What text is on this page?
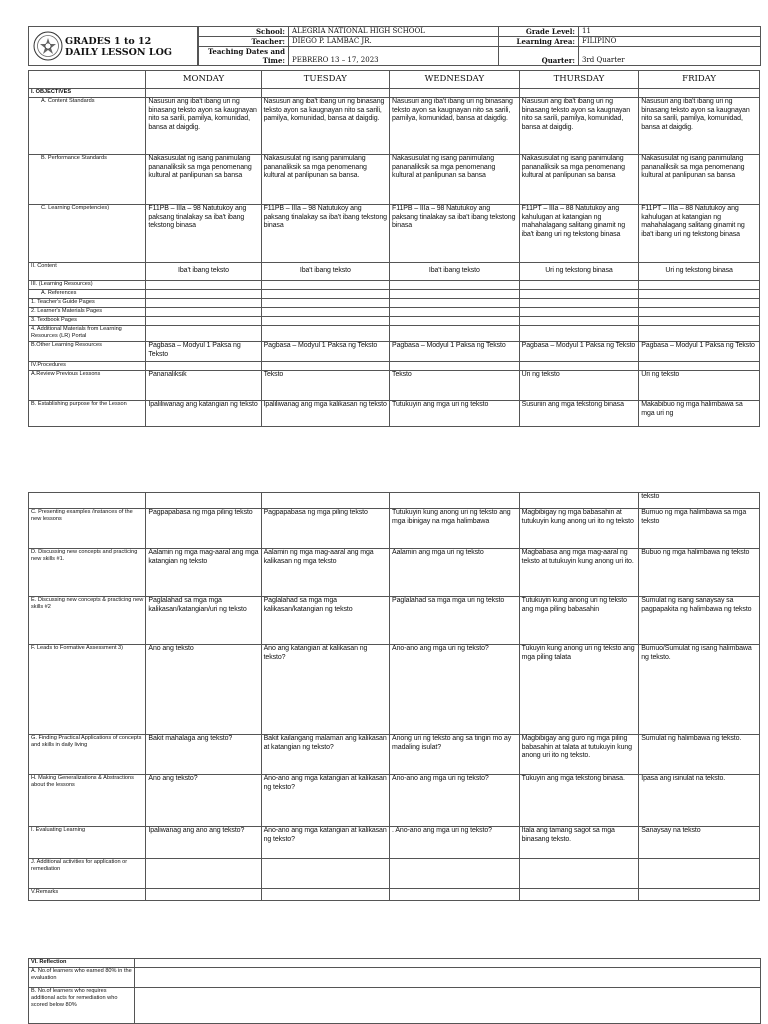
GRADES 1 to 12
DAILY LESSON LOG
School:	ALEGRIA NATIONAL HIGH SCHOOL	Grade Level:	11
Teacher:	DIEGO P. LAMBAC JR.	Learning Area:	FILIPINO

Teaching Dates and
Time:	PEBRERO 13 – 17, 2023	Quarter:	3rd Quarter

	MONDAY	TUESDAY	WEDNESDAY	THURSDAY	FRIDAY
I. OBJECTIVES					
A. Content Standards	Nasusuri ang iba't ibang uri ng binasang teksto ayon sa kaugnayan nito sa sarili, pamilya, komunidad, bansa at daigdig.	Nasusuri ang iba't ibang uri ng binasang teksto ayon sa kaugnayan nito sa sarili, pamilya, komunidad, bansa at daigdig.	Nasusuri ang iba't ibang uri ng binasang teksto ayon sa kaugnayan nito sa sarili, pamilya, komunidad, bansa at daigdig.	Nasusuri ang iba't ibang uri ng binasang teksto ayon sa kaugnayan nito sa sarili, pamilya, komunidad, bansa at daigdig.	Nasusuri ang iba't ibang uri ng binasang teksto ayon sa kaugnayan nito sa sarili, pamilya, komunidad, bansa at daigdig.
B. Performance Standards	Nakasusulat ng isang panimulang pananaliksik sa mga penomenang kultural at panlipunan sa bansa	Nakasusulat ng isang panimulang pananaliksik sa mga penomenang kultural at panlipunan sa bansa.	Nakasusulat ng isang panimulang pananaliksik sa mga penomenang kultural at panlipunan sa bansa	Nakasusulat ng isang panimulang pananaliksik sa mga penomenang kultural at panlipunan sa bansa	Nakasusulat ng isang panimulang pananaliksik sa mga penomenang kultural at panlipunan sa bansa
C. Learning Competencies)	F11PB – IIIa – 98 Natutukoy ang paksang tinalakay sa iba't ibang tekstong binasa	F11PB – IIIa – 98 Natutukoy ang paksang tinalakay sa iba't ibang tekstong binasa	F11PB – IIIa – 98 Natutukoy ang paksang tinalakay sa iba't ibang tekstong binasa	F11PT – IIIa – 88 Natutukoy ang kahulugan at katangian ng mahahalagang salitang ginamit ng iba't ibang uri ng tekstong binasa	F11PT – IIIa – 88 Natutukoy ang kahulugan at katangian ng mahahalagang salitang ginamit ng iba't ibang uri ng tekstong binasa
II. Content	Iba't ibang teksto	Iba't ibang teksto	Iba't ibang teksto	Uri ng tekstong binasa	Uri ng tekstong binasa
III. (Learning Resources)					
A. References					
1. Teacher's Guide Pages					
2. Learner's Materials Pages					
3. Textbook Pages					
4. Additional Materials from Learning Resources (LR) Portal					
B.Other Learning Resources	Pagbasa – Modyul 1 Paksa ng Teksto	Pagbasa – Modyul 1 Paksa ng Teksto	Pagbasa – Modyul 1 Paksa ng Teksto	Pagbasa – Modyul 1 Paksa ng Teksto	Pagbasa – Modyul 1 Paksa ng Teksto
IV.Procedures					
A.Review Previous Lessons	Pananaliksik	Teksto	Teksto	Uri ng teksto	Uri ng teksto
B. Establishing purpose for the Lesson	Ipaliliwanag ang katangian ng teksto	Ipaliliwanag ang mga kalikasan ng teksto	Tutukuyin ang mga uri ng teksto	Susuriin ang mga tekstong binasa	Makabibuo ng mga halimbawa sa mga uri ng
					teksto
C. Presenting examples /instances of the new lessons	Pagpapabasa ng mga piling teksto	Pagpapabasa ng mga piling teksto	Tutukuyin kung anong uri ng teksto ang mga ibinigay na mga halimbawa	Magbibigay ng mga babasahin at tutukuyin kung anong uri ito ng teksto	Bumuo ng mga halimbawa sa mga teksto
D. Discussing new concepts and practicing new skills #1.	Aalamin ng mga mag-aaral ang mga katangian ng teksto	Aalamin ng mga mag-aaral ang mga kalikasan ng mga teksto	Aalamin ang mga uri ng teksto	Magbabasa ang mga mag-aaral ng teksto at tutukuyin kung anong uri ito.	Bubuo ng mga halimbawa ng teksto
E. Discussing new concepts & practicing new skills #2	Paglalahad sa mga mga kalikasan/katangian/uri ng teksto	Paglalahad sa mga mga kalikasan/katangian ng teksto	Paglalahad sa mga mga uri ng teksto	Tutukuyin kung anong uri ng teksto ang mga piling babasahin	Sumulat ng isang sanaysay sa pagpapakita ng halimbawa ng teksto
F. Leads to Formative Assessment 3)	Ano ang teksto	Ano ang katangian at kalikasan ng teksto?	Ano-ano ang mga uri ng teksto?	Tukuyin kung anong uri ng teksto ang mga piling talata	Bumuo/Sumulat ng isang halimbawa ng teksto.
G. Finding Practical Applications of concepts and skills in daily living	Bakit mahalaga ang teksto?	Bakit kailangang malaman ang kalikasan at katangian ng teksto?	Anong uri ng teksto ang sa tingin mo ay madaling isulat?	Magbibigay ang guro ng mga piling babasahin at talata at tutukuyin kung anong uri ito ng teksto.	Sumulat ng halimbawa ng teksto.
H. Making Generalizations & Abstractions about the lessons	Ano ang teksto?	Ano-ano ang mga katangian at kalikasan ng teksto?	Ano-ano ang mga uri ng teksto?	Tukuyin ang mga tekstong binasa.	Ipasa ang isinulat na teksto.
I. Evaluating Learning	Ipaliwanag ang ano ang teksto?	Ano-ano ang mga katangian at kalikasan ng teksto?	. Ano-ano ang mga uri ng teksto?	Itala ang tamang sagot sa mga binasang teksto.	Sanaysay na teksto
J. Additional activities for application or remediation					
V.Remarks					
VI. Reflection	
A. No.of learners who earned 80% in the evaluation	
B. No.of learners who requires additional acts for remediation who scored below 80%	
